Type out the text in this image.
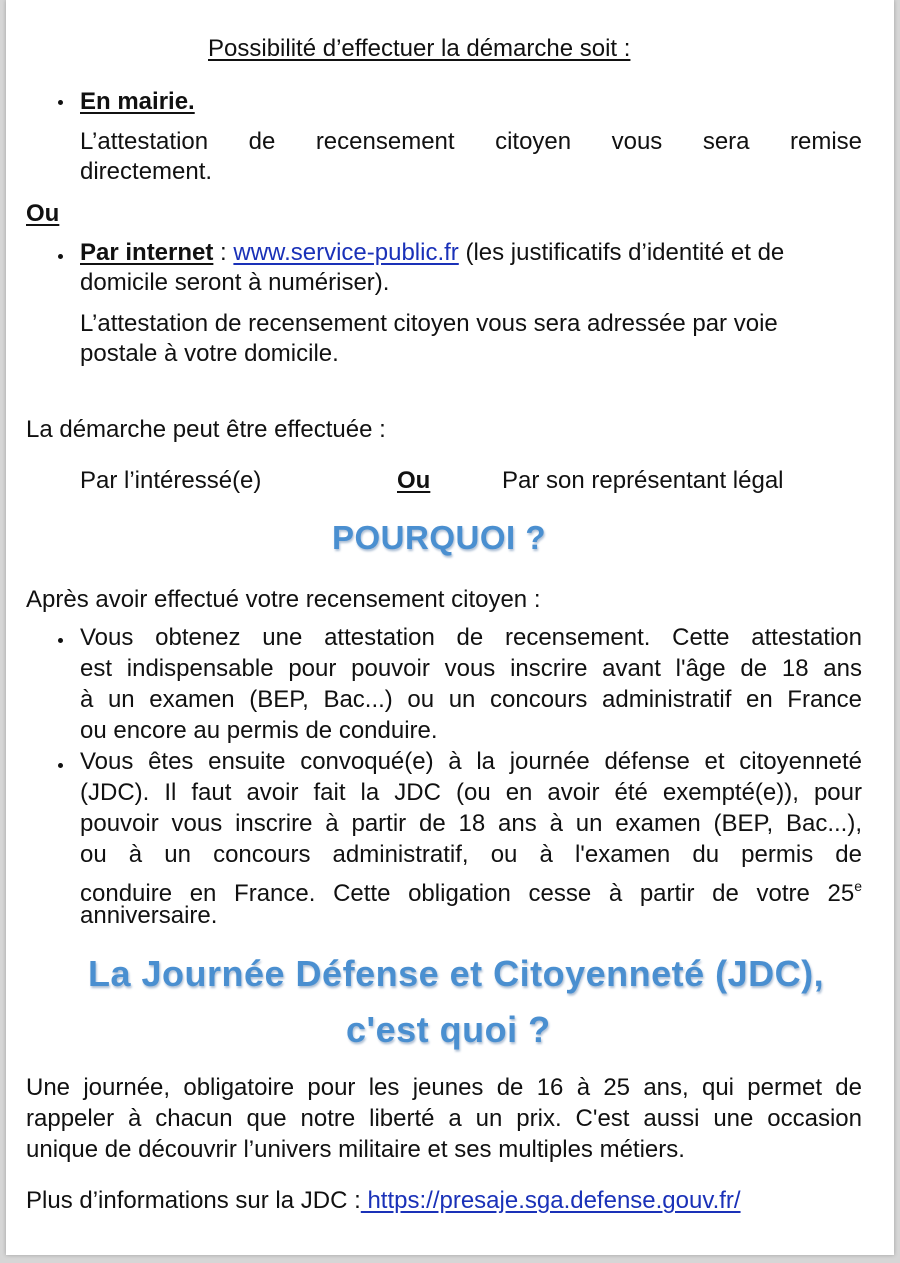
Possibilité d’effectuer la démarche soit :
En mairie.
L’attestation de recensement citoyen vous sera remise
directement.
Ou
Par internet : www.service-public.fr (les justificatifs d’identité et de
domicile seront à numériser).
L’attestation de recensement citoyen vous sera adressée par voie
postale à votre domicile.
La démarche peut être effectuée :
Par l’intéressé(e)	Ou	Par son représentant légal
POURQUOI ?
Après avoir effectué votre recensement citoyen :
Vous obtenez une attestation de recensement. Cette attestation
est indispensable pour pouvoir vous inscrire avant l'âge de 18 ans
à un examen (BEP, Bac...) ou un concours administratif en France
ou encore au permis de conduire.
Vous êtes ensuite convoqué(e) à la journée défense et citoyenneté
(JDC). Il faut avoir fait la JDC (ou en avoir été exempté(e)), pour
pouvoir vous inscrire à partir de 18 ans à un examen (BEP, Bac...),
ou à un concours administratif, ou à l'examen du permis de
conduire en France. Cette obligation cesse à partir de votre 25e
anniversaire.
La Journée Défense et Citoyenneté (JDC),
c'est quoi ?
Une journée, obligatoire pour les jeunes de 16 à 25 ans, qui permet de
rappeler à chacun que notre liberté a un prix. C'est aussi une occasion
unique de découvrir l’univers militaire et ses multiples métiers.
Plus d’informations sur la JDC : https://presaje.sga.defense.gouv.fr/
